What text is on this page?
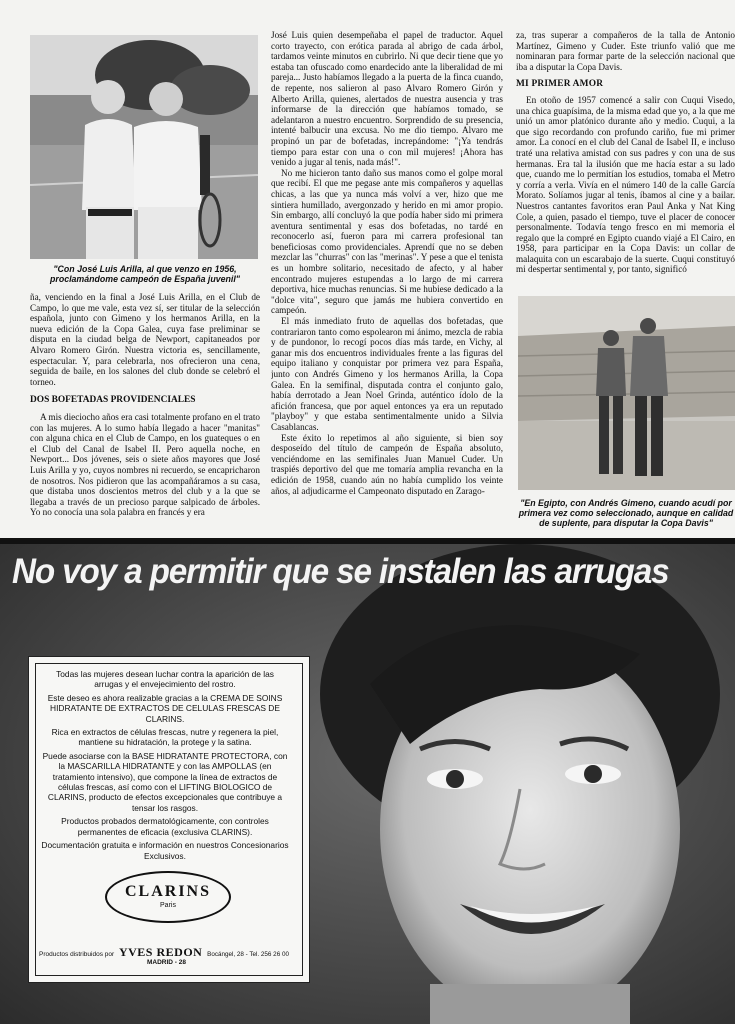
"Con José Luis Arilla, al que venzo en 1956, proclamándome campeón de España juvenil"

ña, venciendo en la final a José Luis Arilla, en el Club de Campo, lo que me vale, esta vez sí, ser titular de la selección española, junto con Gimeno y los hermanos Arilla, en la nueva edición de la Copa Galea, cuya fase preliminar se disputa en la ciudad belga de Newport, capitaneados por Alvaro Romero Girón. Nuestra victoria es, sencillamente, espectacular. Y, para celebrarla, nos ofrecieron una cena, seguida de baile, en los salones del club donde se celebró el torneo.

DOS BOFETADAS PROVIDENCIALES

A mis dieciocho años era casi totalmente profano en el trato con las mujeres. A lo sumo había llegado a hacer "manitas" con alguna chica en el Club de Campo, en los guateques o en el Club del Canal de Isabel II. Pero aquella noche, en Newport... Dos jóvenes, seis o siete años mayores que José Luis Arilla y yo, cuyos nombres ni recuerdo, se encapricharon de nosotros. Nos pidieron que las acompañáramos a su casa, que distaba unos doscientos metros del club y a la que se llegaba a través de un precioso parque salpicado de árboles. Yo no conocía una sola palabra en francés y era

José Luis quien desempeñaba el papel de traductor. Aquel corto trayecto, con erótica parada al abrigo de cada árbol, tardamos veinte minutos en cubrirlo. Ni que decir tiene que yo estaba tan ofuscado como enardecido ante la liberalidad de mi pareja... Justo habíamos llegado a la puerta de la finca cuando, de repente, nos salieron al paso Alvaro Romero Girón y Alberto Arilla, quienes, alertados de nuestra ausencia y tras informarse de la dirección que habíamos tomado, se adelantaron a nuestro encuentro. Sorprendido de su presencia, intenté balbucir una excusa. No me dio tiempo. Alvaro me propinó un par de bofetadas, increpándome: "¡Ya tendrás tiempo para estar con una o con mil mujeres! ¡Ahora has venido a jugar al tenis, nada más!".

No me hicieron tanto daño sus manos como el golpe moral que recibí. El que me pegase ante mis compañeros y aquellas chicas, a las que ya nunca más volví a ver, hizo que me sintiera humillado, avergonzado y herido en mi amor propio. Sin embargo, allí concluyó la que podía haber sido mi primera aventura sentimental y esas dos bofetadas, no tardé en reconocerlo así, fueron para mi carrera profesional tan beneficiosas como providenciales. Aprendí que no se deben mezclar las "churras" con las "merinas". Y pese a que el tenista es un hombre solitario, necesitado de afecto, y al haber encontrado mujeres estupendas a lo largo de mi carrera deportiva, hice muchas renuncias. Si me hubiese dedicado a la "dolce vita", seguro que jamás me hubiera convertido en campeón.

El más inmediato fruto de aquellas dos bofetadas, que contrariaron tanto como espolearon mi ánimo, mezcla de rabia y de pundonor, lo recogí pocos días más tarde, en Vichy, al ganar mis dos encuentros individuales frente a las figuras del equipo italiano y conquistar por primera vez para España, junto con Andrés Gimeno y los hermanos Arilla, la Copa Galea. En la semifinal, disputada contra el conjunto galo, había derrotado a Jean Noel Grinda, auténtico ídolo de la afición francesa, que por aquel entonces ya era un reputado "playboy" y que estaba sentimentalmente unido a Silvia Casablancas.

Este éxito lo repetimos al año siguiente, si bien soy desposeído del título de campeón de España absoluto, venciéndome en las semifinales Juan Manuel Cuder. Un traspiés deportivo del que me tomaría amplia revancha en la edición de 1958, cuando aún no había cumplido los veinte años, al adjudicarme el Campeonato disputado en Zarago-

za, tras superar a compañeros de la talla de Antonio Martínez, Gimeno y Cuder. Este triunfo valió que me nominaran para formar parte de la selección nacional que iba a disputar la Copa Davis.

MI PRIMER AMOR

En otoño de 1957 comencé a salir con Cuqui Visedo, una chica guapísima, de la misma edad que yo, a la que me unió un amor platónico durante año y medio. Cuqui, a la que sigo recordando con profundo cariño, fue mi primer amor. La conocí en el club del Canal de Isabel II, e incluso traté una relativa amistad con sus padres y con una de sus hermanas. Era tal la ilusión que me hacía estar a su lado que, cuando me lo permitían los estudios, tomaba el Metro y corría a verla. Vivía en el número 140 de la calle García Morato. Solíamos jugar al tenis, íbamos al cine y a bailar. Nuestros cantantes favoritos eran Paul Anka y Nat King Cole, a quien, pasado el tiempo, tuve el placer de conocer personalmente. Todavía tengo fresco en mi memoria el regalo que la compré en Egipto cuando viajé a El Cairo, en 1958, para participar en la Copa Davis: un collar de malaquita con un escarabajo de la suerte. Cuqui constituyó mi despertar sentimental y, por tanto, significó

"En Egipto, con Andrés Gimeno, cuando acudí por primera vez como seleccionado, aunque en calidad de suplente, para disputar la Copa Davis"
No voy a permitir que se instalen las arrugas

Todas las mujeres desean luchar contra la aparición de las arrugas y el envejecimiento del rostro.

Este deseo es ahora realizable gracias a la CREMA DE SOINS HIDRATANTE DE EXTRACTOS DE CELULAS FRESCAS DE CLARINS.

Rica en extractos de células frescas, nutre y regenera la piel, mantiene su hidratación, la protege y la satina.

Puede asociarse con la BASE HIDRATANTE PROTECTORA, con la MASCARILLA HIDRATANTE y con las AMPOLLAS (en tratamiento intensivo), que compone la línea de extractos de células frescas, así como con el LIFTING BIOLOGICO de CLARINS, producto de efectos excepcionales que contribuye a tensar los rasgos.

Productos probados dermatológicamente, con controles permanentes de eficacia (exclusiva CLARINS).

Documentación gratuita e información en nuestros Concesionarios Exclusivos.

CLARINS
Paris
Productos distribuidos por YVES REDON Bocángel, 28 - Tel. 256 26 00
MADRID - 28
